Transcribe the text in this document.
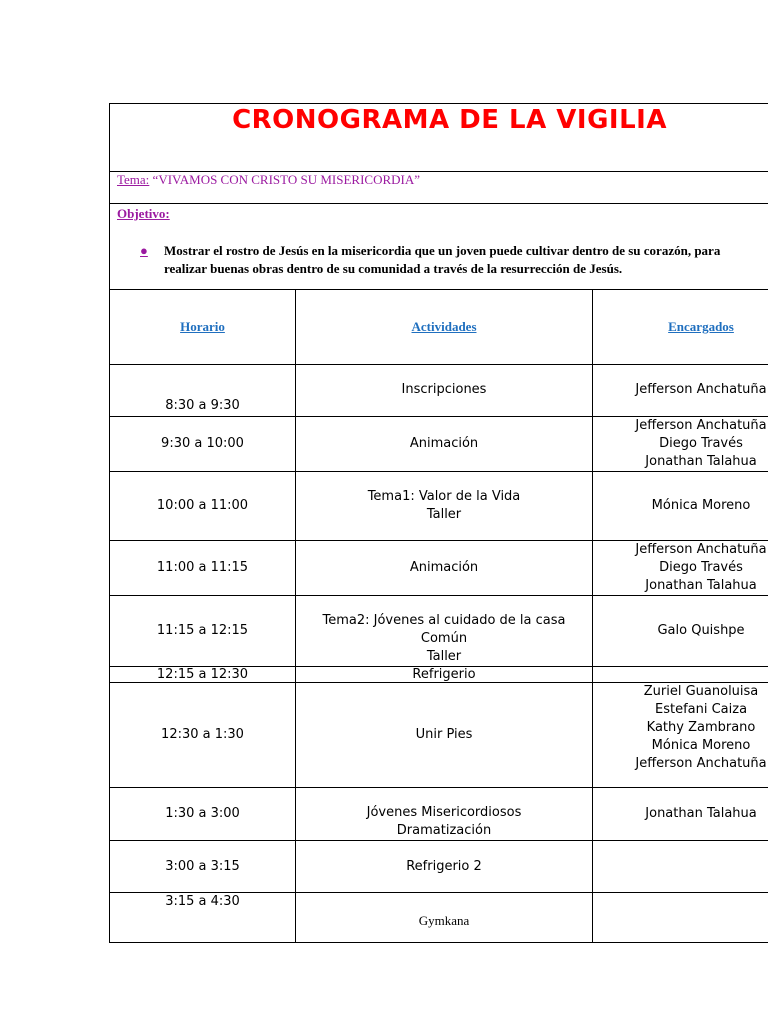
CRONOGRAMA DE LA VIGILIA		

Tema: “VIVAMOS CON CRISTO SU MISERICORDIA”		

Objetivo:
● Mostrar el rostro de Jesús en la misericordia que un joven puede cultivar dentro de su corazón, para
realizar buenas obras dentro de su comunidad a través de la resurrección de Jesús.		

Horario	Actividades	Encargados
8:30 a 9:30	Inscripciones	Jefferson Anchatuña

9:30 a 10:00	Animación	Jefferson Anchatuña
Diego Través
Jonathan Talahua

10:00 a 11:00	Tema1: Valor de la Vida
Taller	Mónica Moreno

11:00 a 11:15	Animación	Jefferson Anchatuña
Diego Través
Jonathan Talahua

11:15 a 12:15	Tema2: Jóvenes al cuidado de la casa
Común
Taller	Galo Quishpe

12:15 a 12:30	Refrigerio	

12:30 a 1:30	Unir Pies	Zuriel Guanoluisa
Estefani Caiza
Kathy Zambrano
Mónica Moreno
Jefferson Anchatuña

1:30 a 3:00	Jóvenes Misericordiosos
Dramatización	Jonathan Talahua

3:00 a 3:15	Refrigerio 2	

3:15 a 4:30	Gymkana	
